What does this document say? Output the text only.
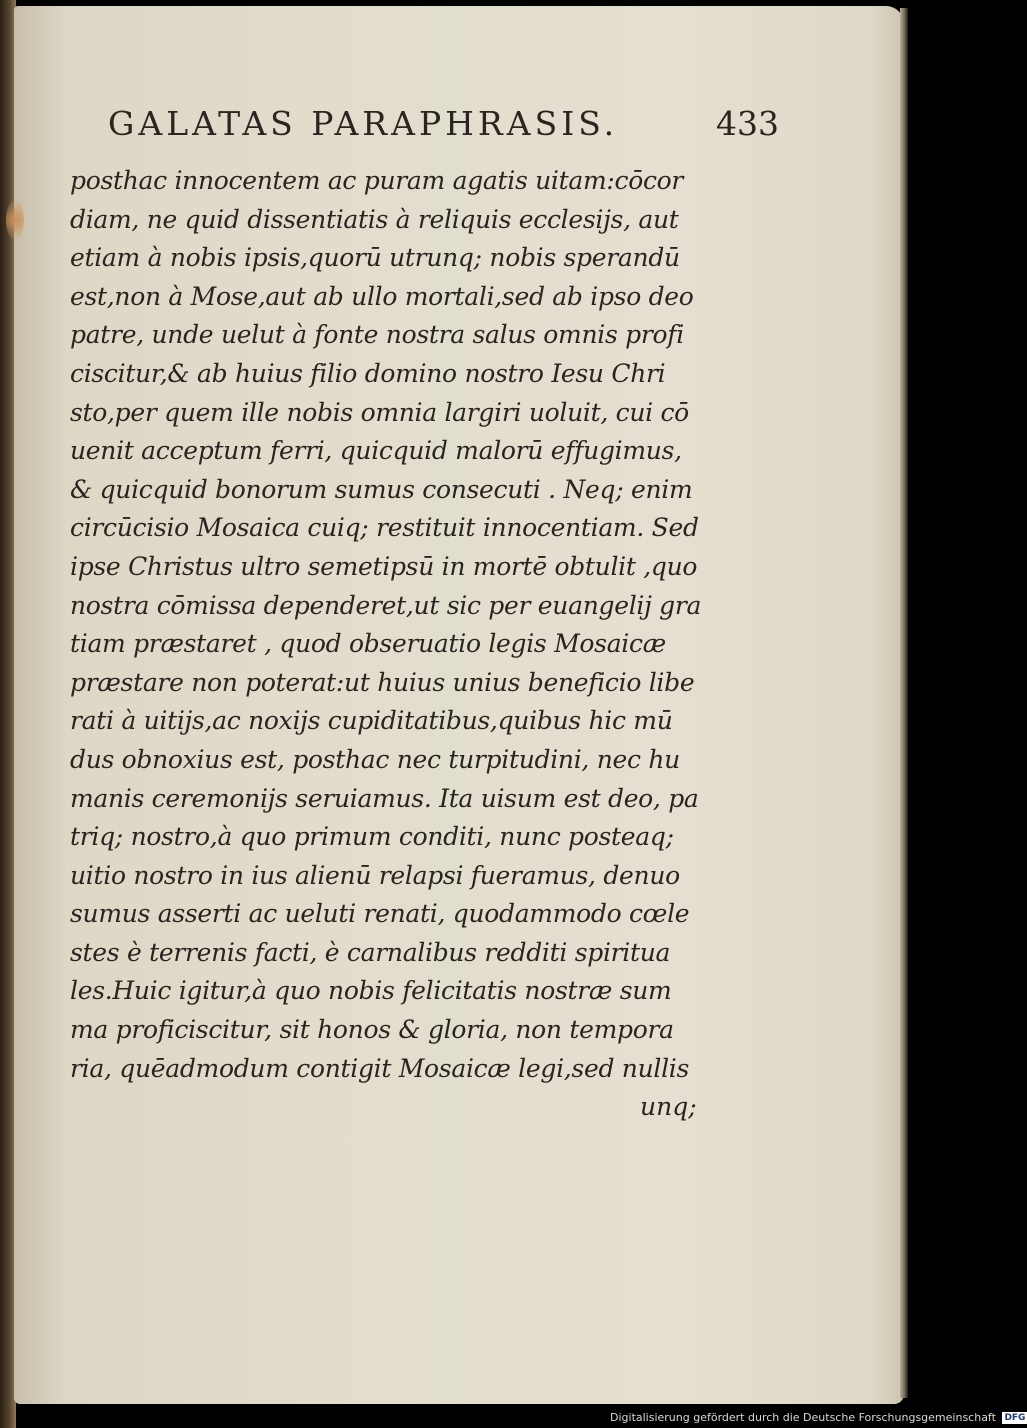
GALATAS PARAPHRASIS.	433
posthac innocentem ac puram agatis uitam:cōcor
diam, ne quid dissentiatis à reliquis ecclesijs, aut
etiam à nobis ipsis,quorū utrunq; nobis sperandū
est,non à Mose,aut ab ullo mortali,sed ab ipso deo
patre, unde uelut à fonte nostra salus omnis profi
ciscitur,& ab huius filio domino nostro Iesu Chri
sto,per quem ille nobis omnia largiri uoluit, cui cō
uenit acceptum ferri, quicquid malorū effugimus,
& quicquid bonorum sumus consecuti . Neq; enim
circūcisio Mosaica cuiq; restituit innocentiam. Sed
ipse Christus ultro semetipsū in mortē obtulit ,quo
nostra cōmissa dependeret,ut sic per euangelij gra
tiam præstaret , quod obseruatio legis Mosaicæ
præstare non poterat:ut huius unius beneficio libe
rati à uitijs,ac noxijs cupiditatibus,quibus hic mū
dus obnoxius est, posthac nec turpitudini, nec hu
manis ceremonijs seruiamus. Ita uisum est deo, pa
triq; nostro,à quo primum conditi, nunc posteaq;
uitio nostro in ius alienū relapsi fueramus, denuo
sumus asserti ac ueluti renati, quodammodo cœle
stes è terrenis facti, è carnalibus redditi spiritua
les.Huic igitur,à quo nobis felicitatis nostræ sum
ma proficiscitur, sit honos & gloria, non tempora
ria, quēadmodum contigit Mosaicæ legi,sed nullis
unq;
Digitalisierung gefördert durch die Deutsche Forschungsgemeinschaft DFG
